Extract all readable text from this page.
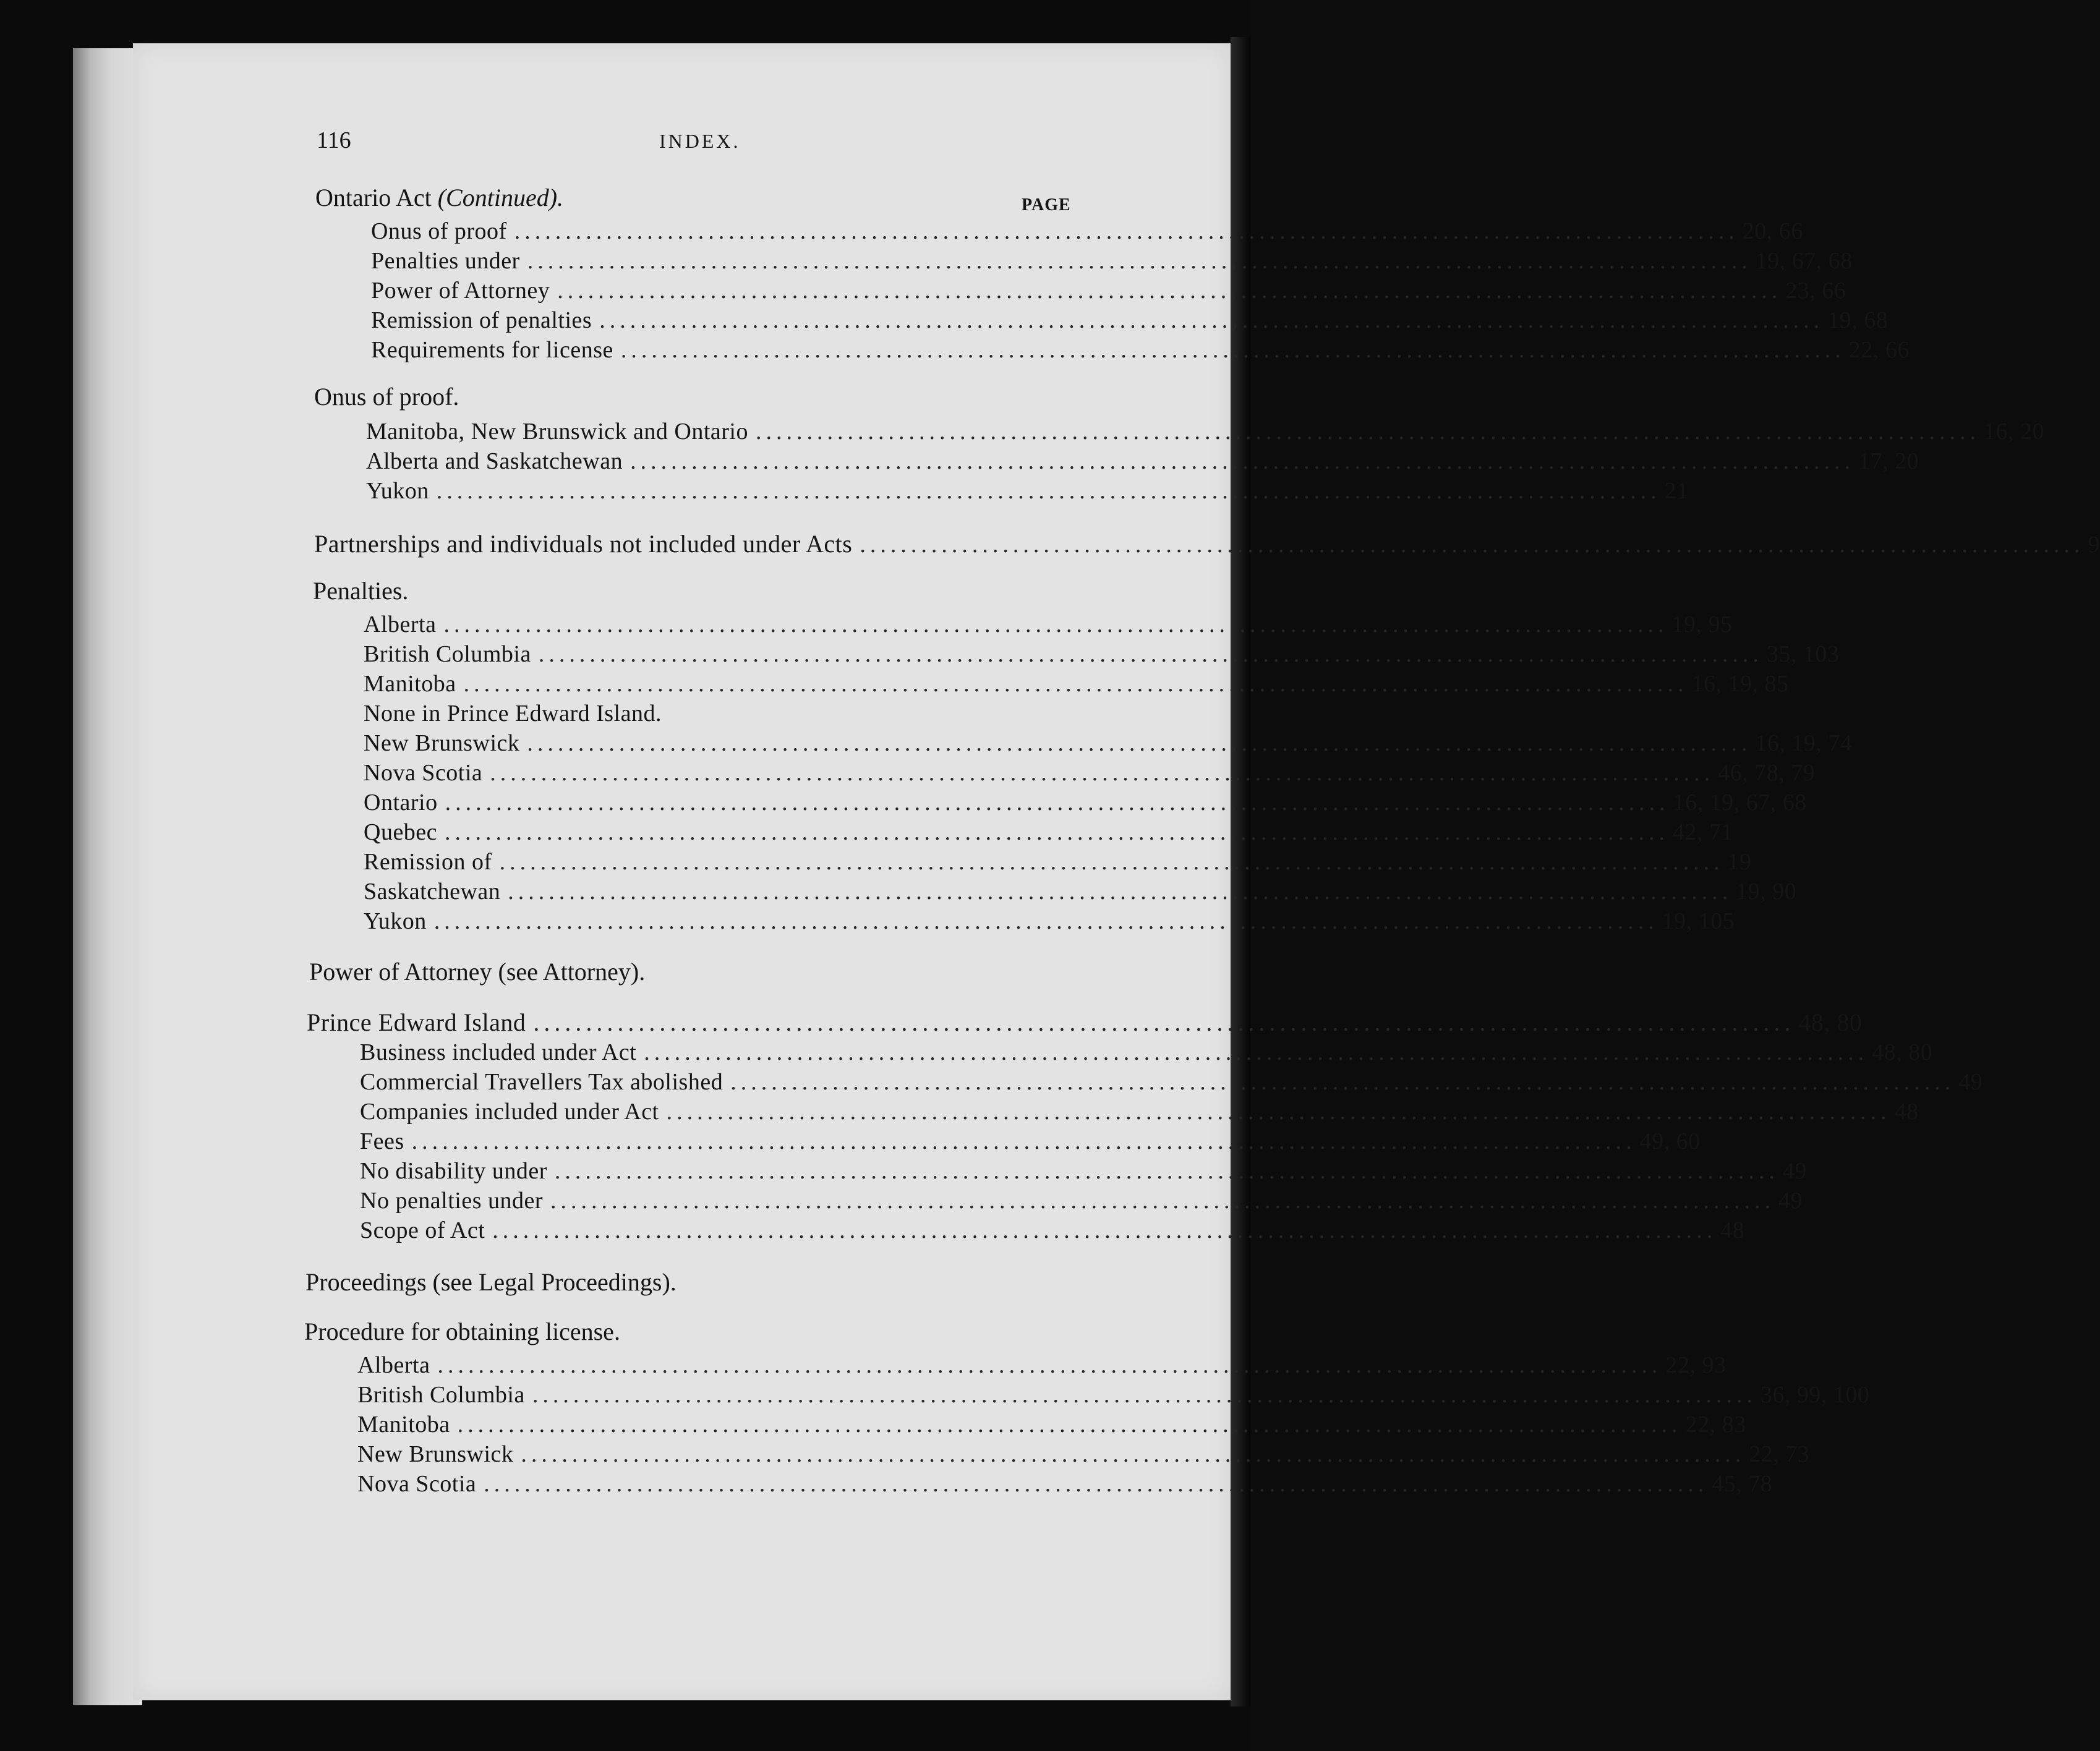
116	INDEX.
PAGE
Ontario Act (Continued).
Onus of proof ........................................................................................................................ 20, 66
Penalties under ........................................................................................................................ 19, 67, 68
Power of Attorney ........................................................................................................................ 23, 66
Remission of penalties ........................................................................................................................ 19, 68
Requirements for license ........................................................................................................................ 22, 66
Onus of proof.
Manitoba, New Brunswick and Ontario ........................................................................................................................ 16, 20
Alberta and Saskatchewan ........................................................................................................................ 17, 20
Yukon ........................................................................................................................ 21
Partnerships and individuals not included under Acts ........................................................................................................................ 9
Penalties.
Alberta ........................................................................................................................ 19, 95
British Columbia ........................................................................................................................ 35, 103
Manitoba ........................................................................................................................ 16, 19, 85
None in Prince Edward Island.
New Brunswick ........................................................................................................................ 16, 19, 74
Nova Scotia ........................................................................................................................ 46, 78, 79
Ontario ........................................................................................................................ 16, 19, 67, 68
Quebec ........................................................................................................................ 42, 71
Remission of ........................................................................................................................ 19
Saskatchewan ........................................................................................................................ 19, 90
Yukon ........................................................................................................................ 19, 105
Power of Attorney (see Attorney).
Prince Edward Island ........................................................................................................................ 48, 80
Business included under Act ........................................................................................................................ 48, 80
Commercial Travellers Tax abolished ........................................................................................................................ 49
Companies included under Act ........................................................................................................................ 48
Fees ........................................................................................................................ 49, 60
No disability under ........................................................................................................................ 49
No penalties under ........................................................................................................................ 49
Scope of Act ........................................................................................................................ 48
Proceedings (see Legal Proceedings).
Procedure for obtaining license.
Alberta ........................................................................................................................ 22, 93
British Columbia ........................................................................................................................ 36, 99, 100
Manitoba ........................................................................................................................ 22, 83
New Brunswick ........................................................................................................................ 22, 73
Nova Scotia ........................................................................................................................ 45, 78
